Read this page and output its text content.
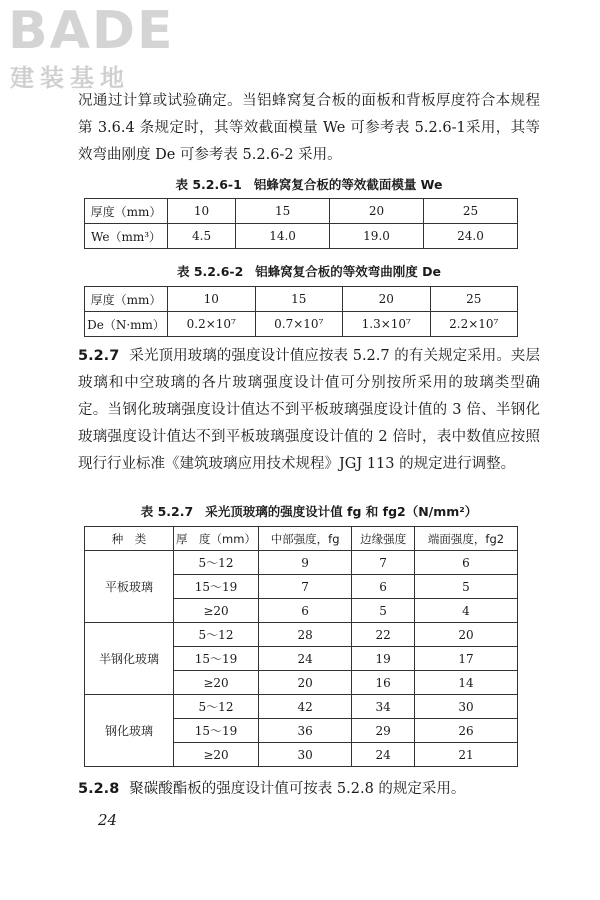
BADE
建装基地

况通过计算或试验确定。当铝蜂窝复合板的面板和背板厚度符合本规程第 3.6.4 条规定时，其等效截面模量 We 可参考表 5.2.6-1采用，其等效弯曲刚度 De 可参考表 5.2.6-2 采用。

表 5.2.6-1 铝蜂窝复合板的等效截面模量 We
厚度（mm）	10	15	20	25
We（mm³）	4.5	14.0	19.0	24.0
表 5.2.6-2 铝蜂窝复合板的等效弯曲刚度 De
厚度（mm）	10	15	20	25
De（N·mm）	0.2×10⁷	0.7×10⁷	1.3×10⁷	2.2×10⁷

5.2.7 采光顶用玻璃的强度设计值应按表 5.2.7 的有关规定采用。夹层玻璃和中空玻璃的各片玻璃强度设计值可分别按所采用的玻璃类型确定。当钢化玻璃强度设计值达不到平板玻璃强度设计值的 3 倍、半钢化玻璃强度设计值达不到平板玻璃强度设计值的 2 倍时，表中数值应按照现行行业标准《建筑玻璃应用技术规程》JGJ 113 的规定进行调整。

表 5.2.7 采光顶玻璃的强度设计值 fg 和 fg2（N/mm²）
种　类	厚　度（mm）	中部强度，fg	边缘强度	端面强度，fg2
平板玻璃	5～12	9	7	6
	15～19	7	6	5
	≥20	6	5	4
半钢化玻璃	5～12	28	22	20
	15～19	24	19	17
	≥20	20	16	14
钢化玻璃	5～12	42	34	30
	15～19	36	29	26
	≥20	30	24	21

5.2.8 聚碳酸酯板的强度设计值可按表 5.2.8 的规定采用。

24
